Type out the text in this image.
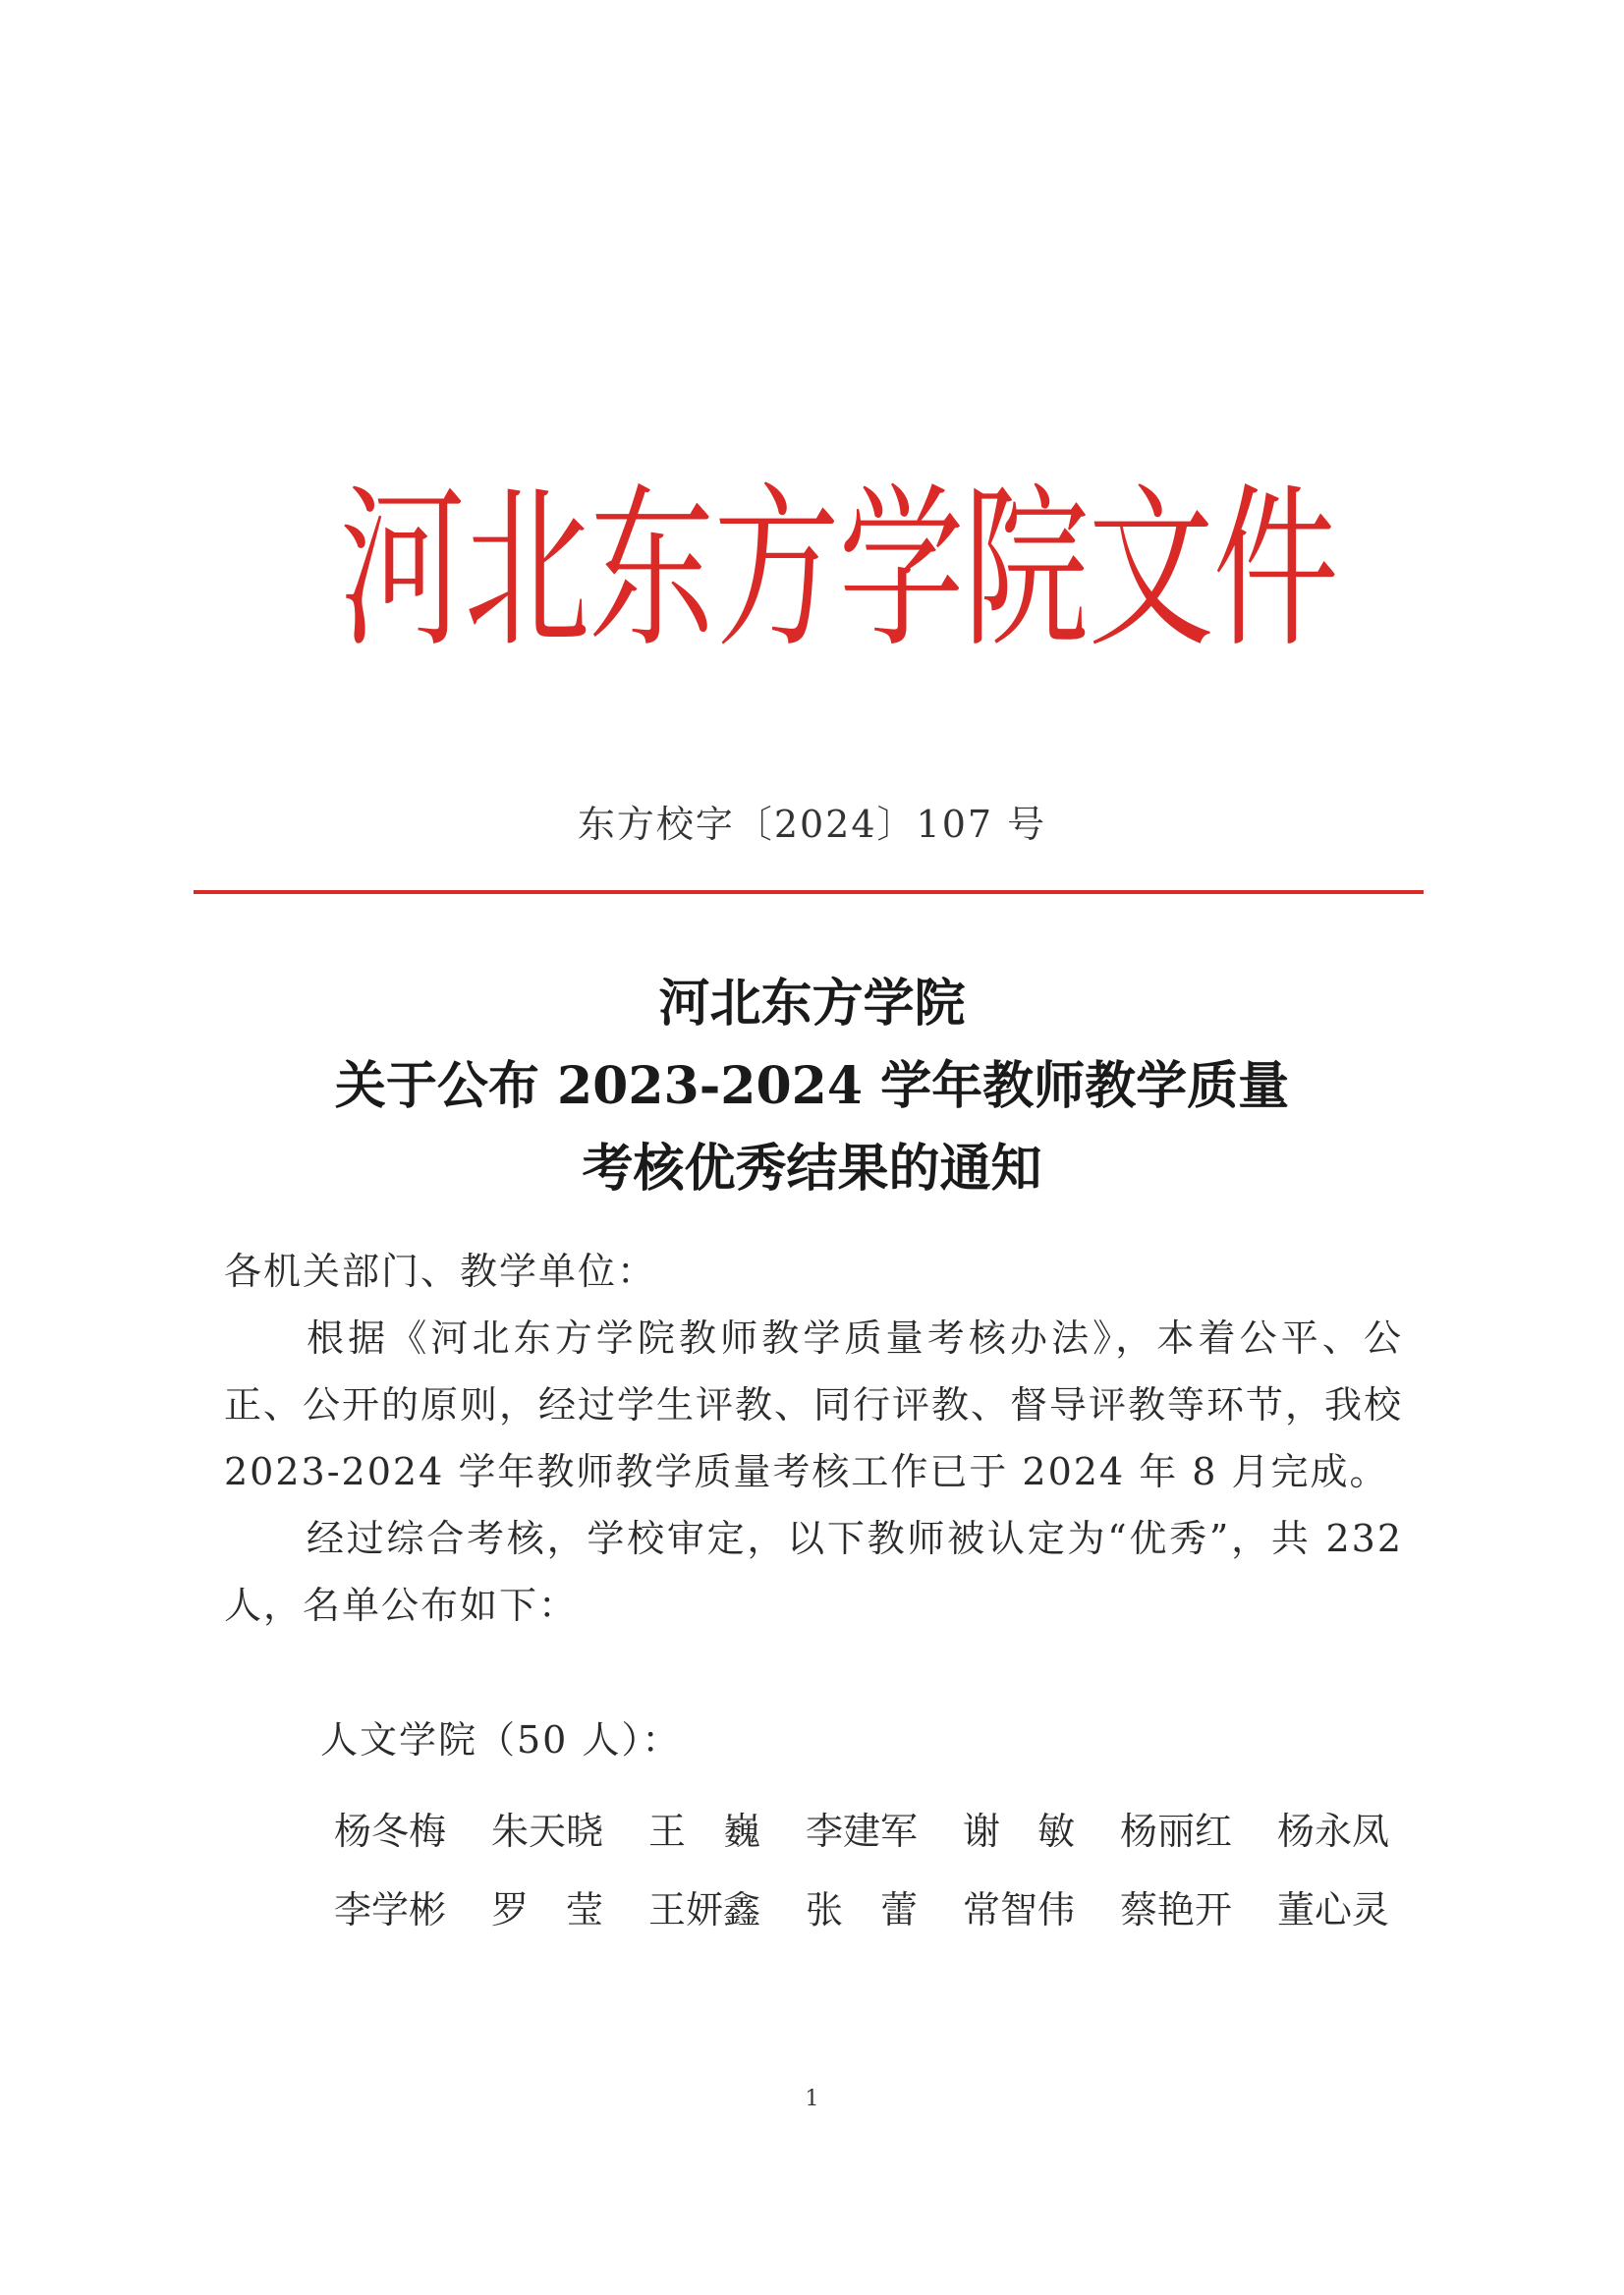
河
北
东
方
学
院
文
件
东方校字〔2024〕107 号
河北东方学院
关于公布 2023-2024 学年教师教学质量
考核优秀结果的通知

各机关部门、教学单位：

根据《河北东方学院教师教学质量考核办法》，本着公平、公正、公开的原则，经过学生评教、同行评教、督导评教等环节，我校 2023-2024 学年教师教学质量考核工作已于 2024 年 8 月完成。

经过综合考核，学校审定，以下教师被认定为“优秀”，共 232 人，名单公布如下：

人文学院（50 人）：
杨冬梅	朱天晓	王　巍	李建军	谢　敏	杨丽红	杨永凤
李学彬	罗　莹	王妍鑫	张　蕾	常智伟	蔡艳开	董心灵
1
